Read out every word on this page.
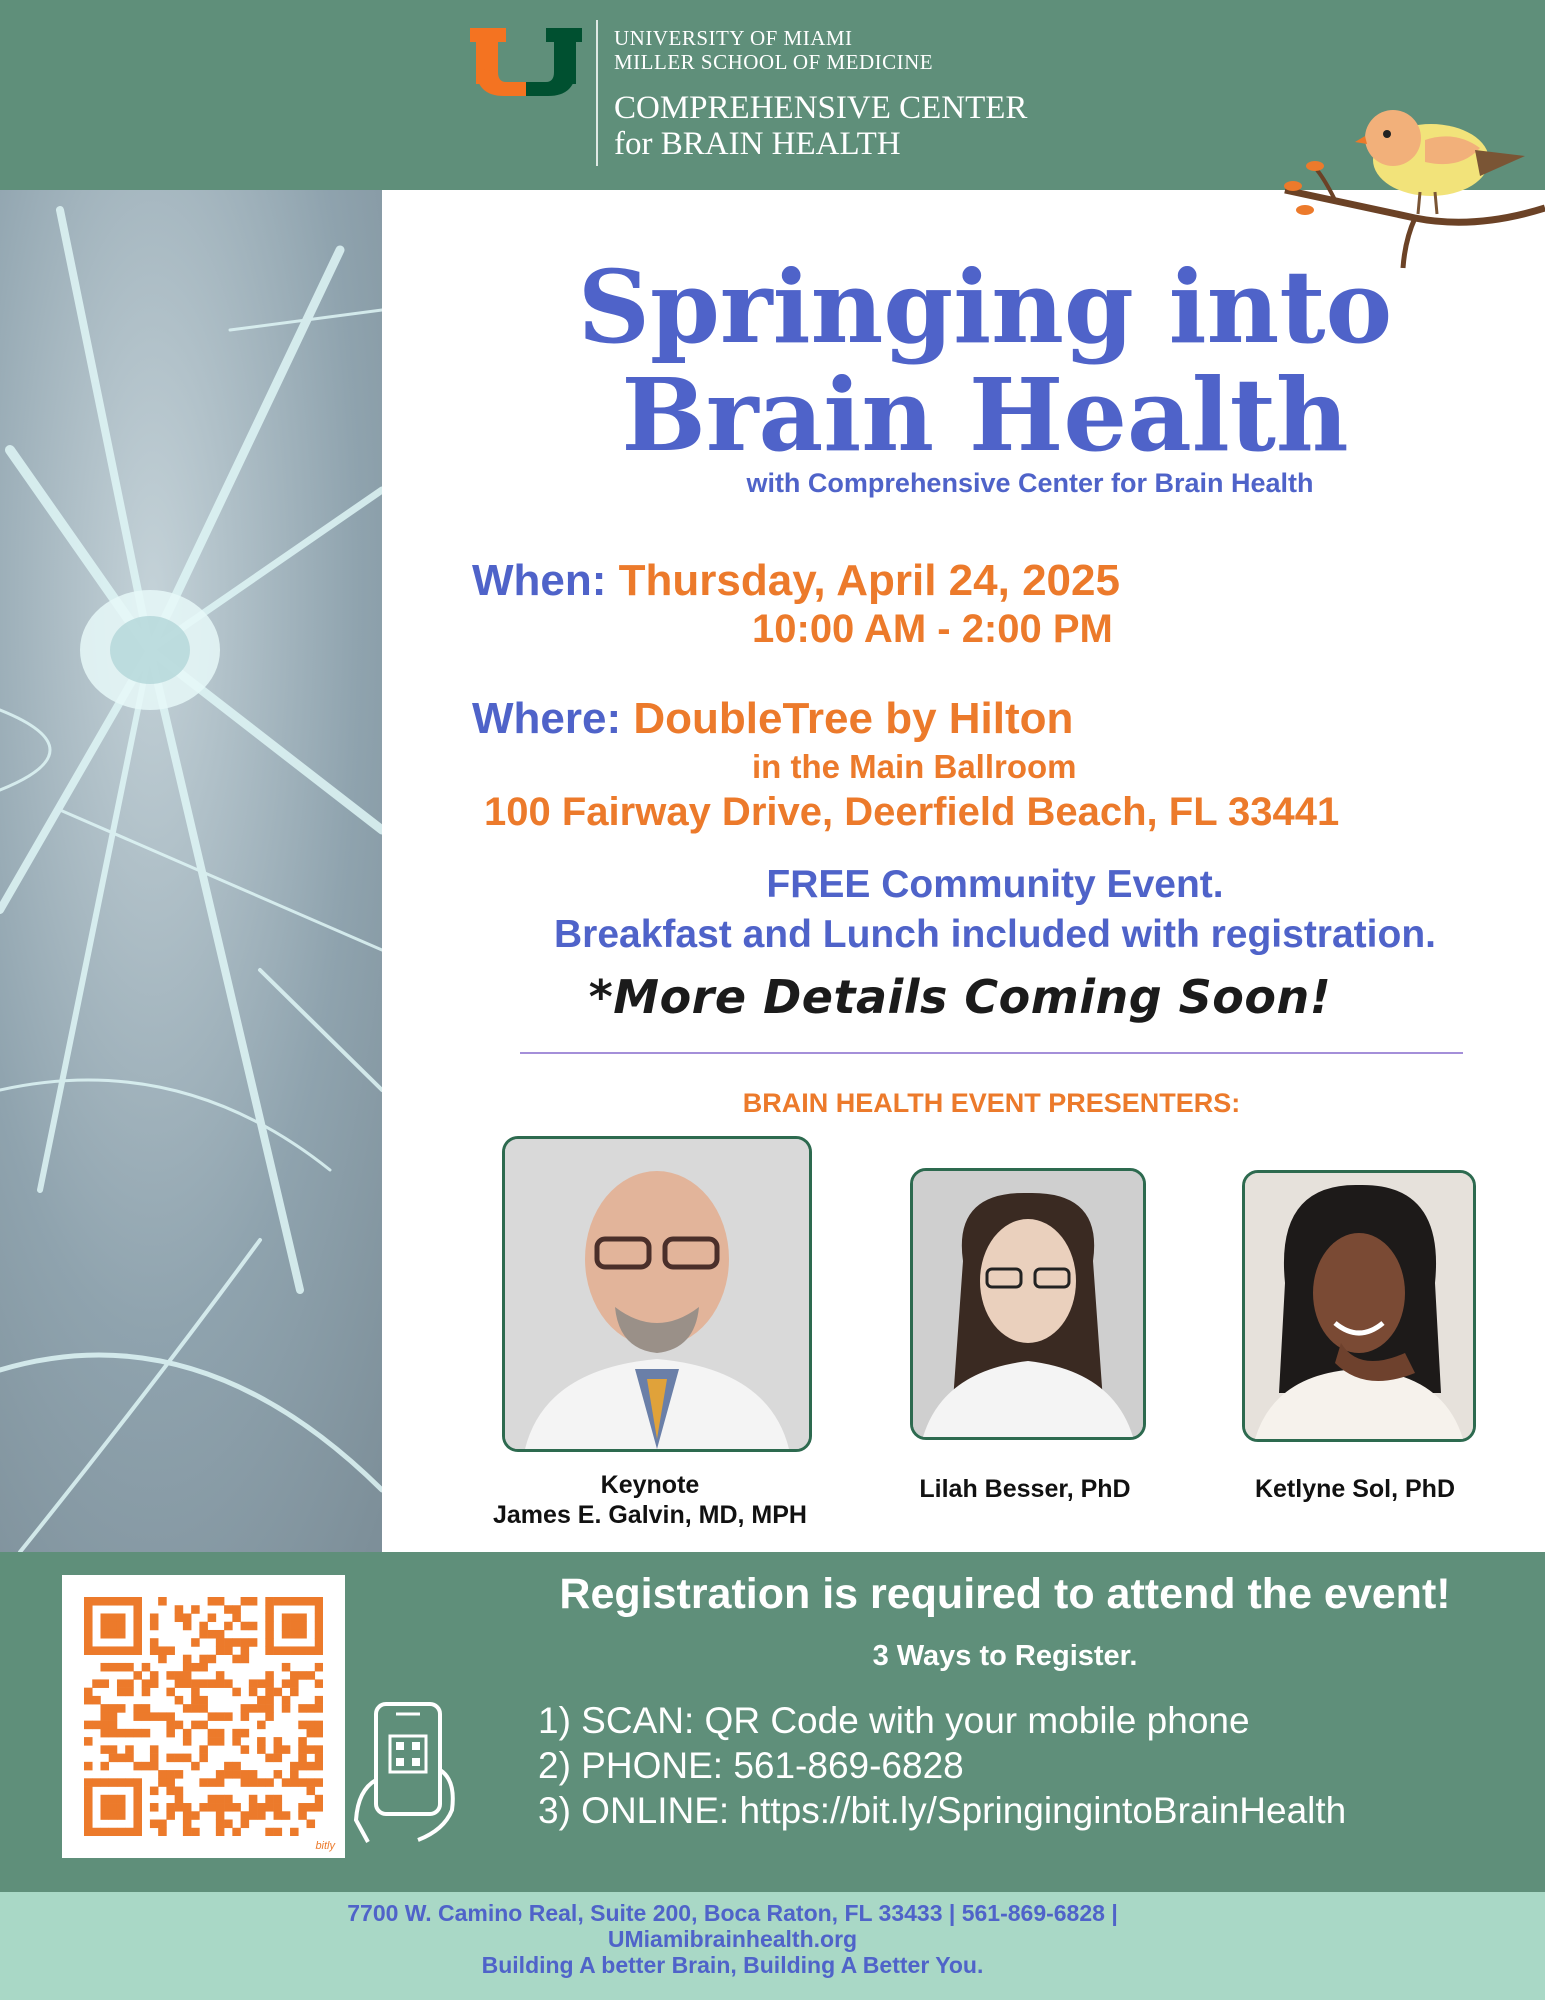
UNIVERSITY OF MIAMI
MILLER SCHOOL OF MEDICINE
COMPREHENSIVE CENTER
for BRAIN HEALTH
Springing into
Brain Health
with Comprehensive Center for Brain Health
When: Thursday, April 24, 2025
10:00 AM - 2:00 PM
Where: DoubleTree by Hilton
in the Main Ballroom
100 Fairway Drive, Deerfield Beach, FL 33441
FREE Community Event.
Breakfast and Lunch included with registration.
*More Details Coming Soon!
BRAIN HEALTH EVENT PRESENTERS:
Keynote
James E. Galvin, MD, MPH
Lilah Besser, PhD	Ketlyne Sol, PhD
bitly
Registration is required to attend the event!
3 Ways to Register.
1) SCAN: QR Code with your mobile phone
2) PHONE: 561-869-6828
3) ONLINE: https://bit.ly/SpringingintoBrainHealth
7700 W. Camino Real, Suite 200, Boca Raton, FL 33433 | 561-869-6828 |
UMiamibrainhealth.org
Building A better Brain, Building A Better You.
